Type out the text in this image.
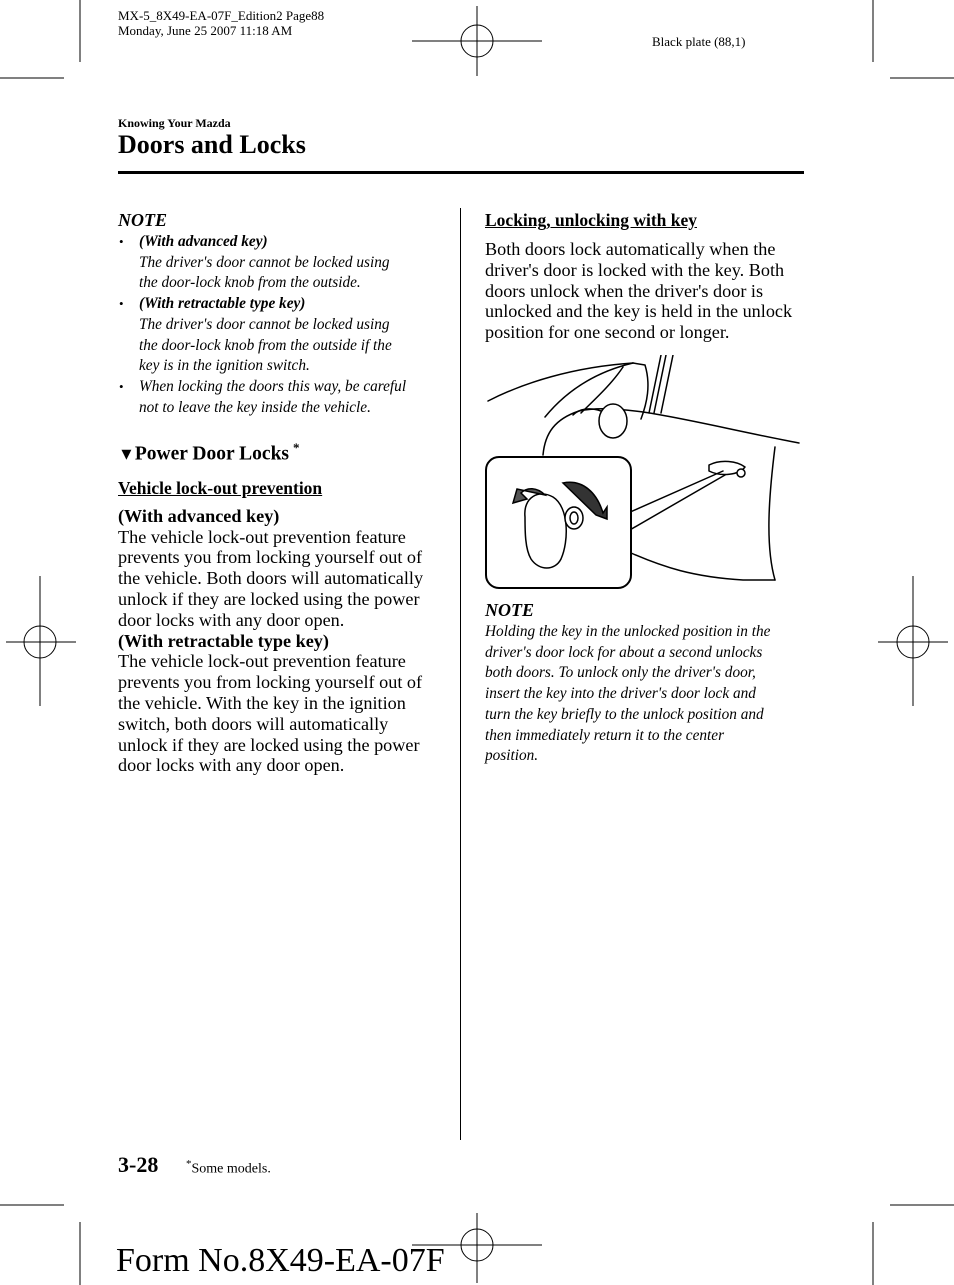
MX-5_8X49-EA-07F_Edition2 Page88
Monday, June 25 2007 11:18 AM
Black plate (88,1)
Knowing Your Mazda
Doors and Locks
NOTE
• (With advanced key)
The driver's door cannot be locked using
the door-lock knob from the outside.
• (With retractable type key)
The driver's door cannot be locked using
the door-lock knob from the outside if the
key is in the ignition switch.
• When locking the doors this way, be careful
not to leave the key inside the vehicle.
▼Power Door Locks *
Vehicle lock-out prevention
(With advanced key)
The vehicle lock-out prevention feature
prevents you from locking yourself out of
the vehicle. Both doors will automatically
unlock if they are locked using the power
door locks with any door open.
(With retractable type key)
The vehicle lock-out prevention feature
prevents you from locking yourself out of
the vehicle. With the key in the ignition
switch, both doors will automatically
unlock if they are locked using the power
door locks with any door open.
Locking, unlocking with key
Both doors lock automatically when the
driver's door is locked with the key. Both
doors unlock when the driver's door is
unlocked and the key is held in the unlock
position for one second or longer.
NOTE
Holding the key in the unlocked position in the
driver's door lock for about a second unlocks
both doors. To unlock only the driver's door,
insert the key into the driver's door lock and
turn the key briefly to the unlock position and
then immediately return it to the center
position.
3-28	*Some models.
Form No.8X49-EA-07F
